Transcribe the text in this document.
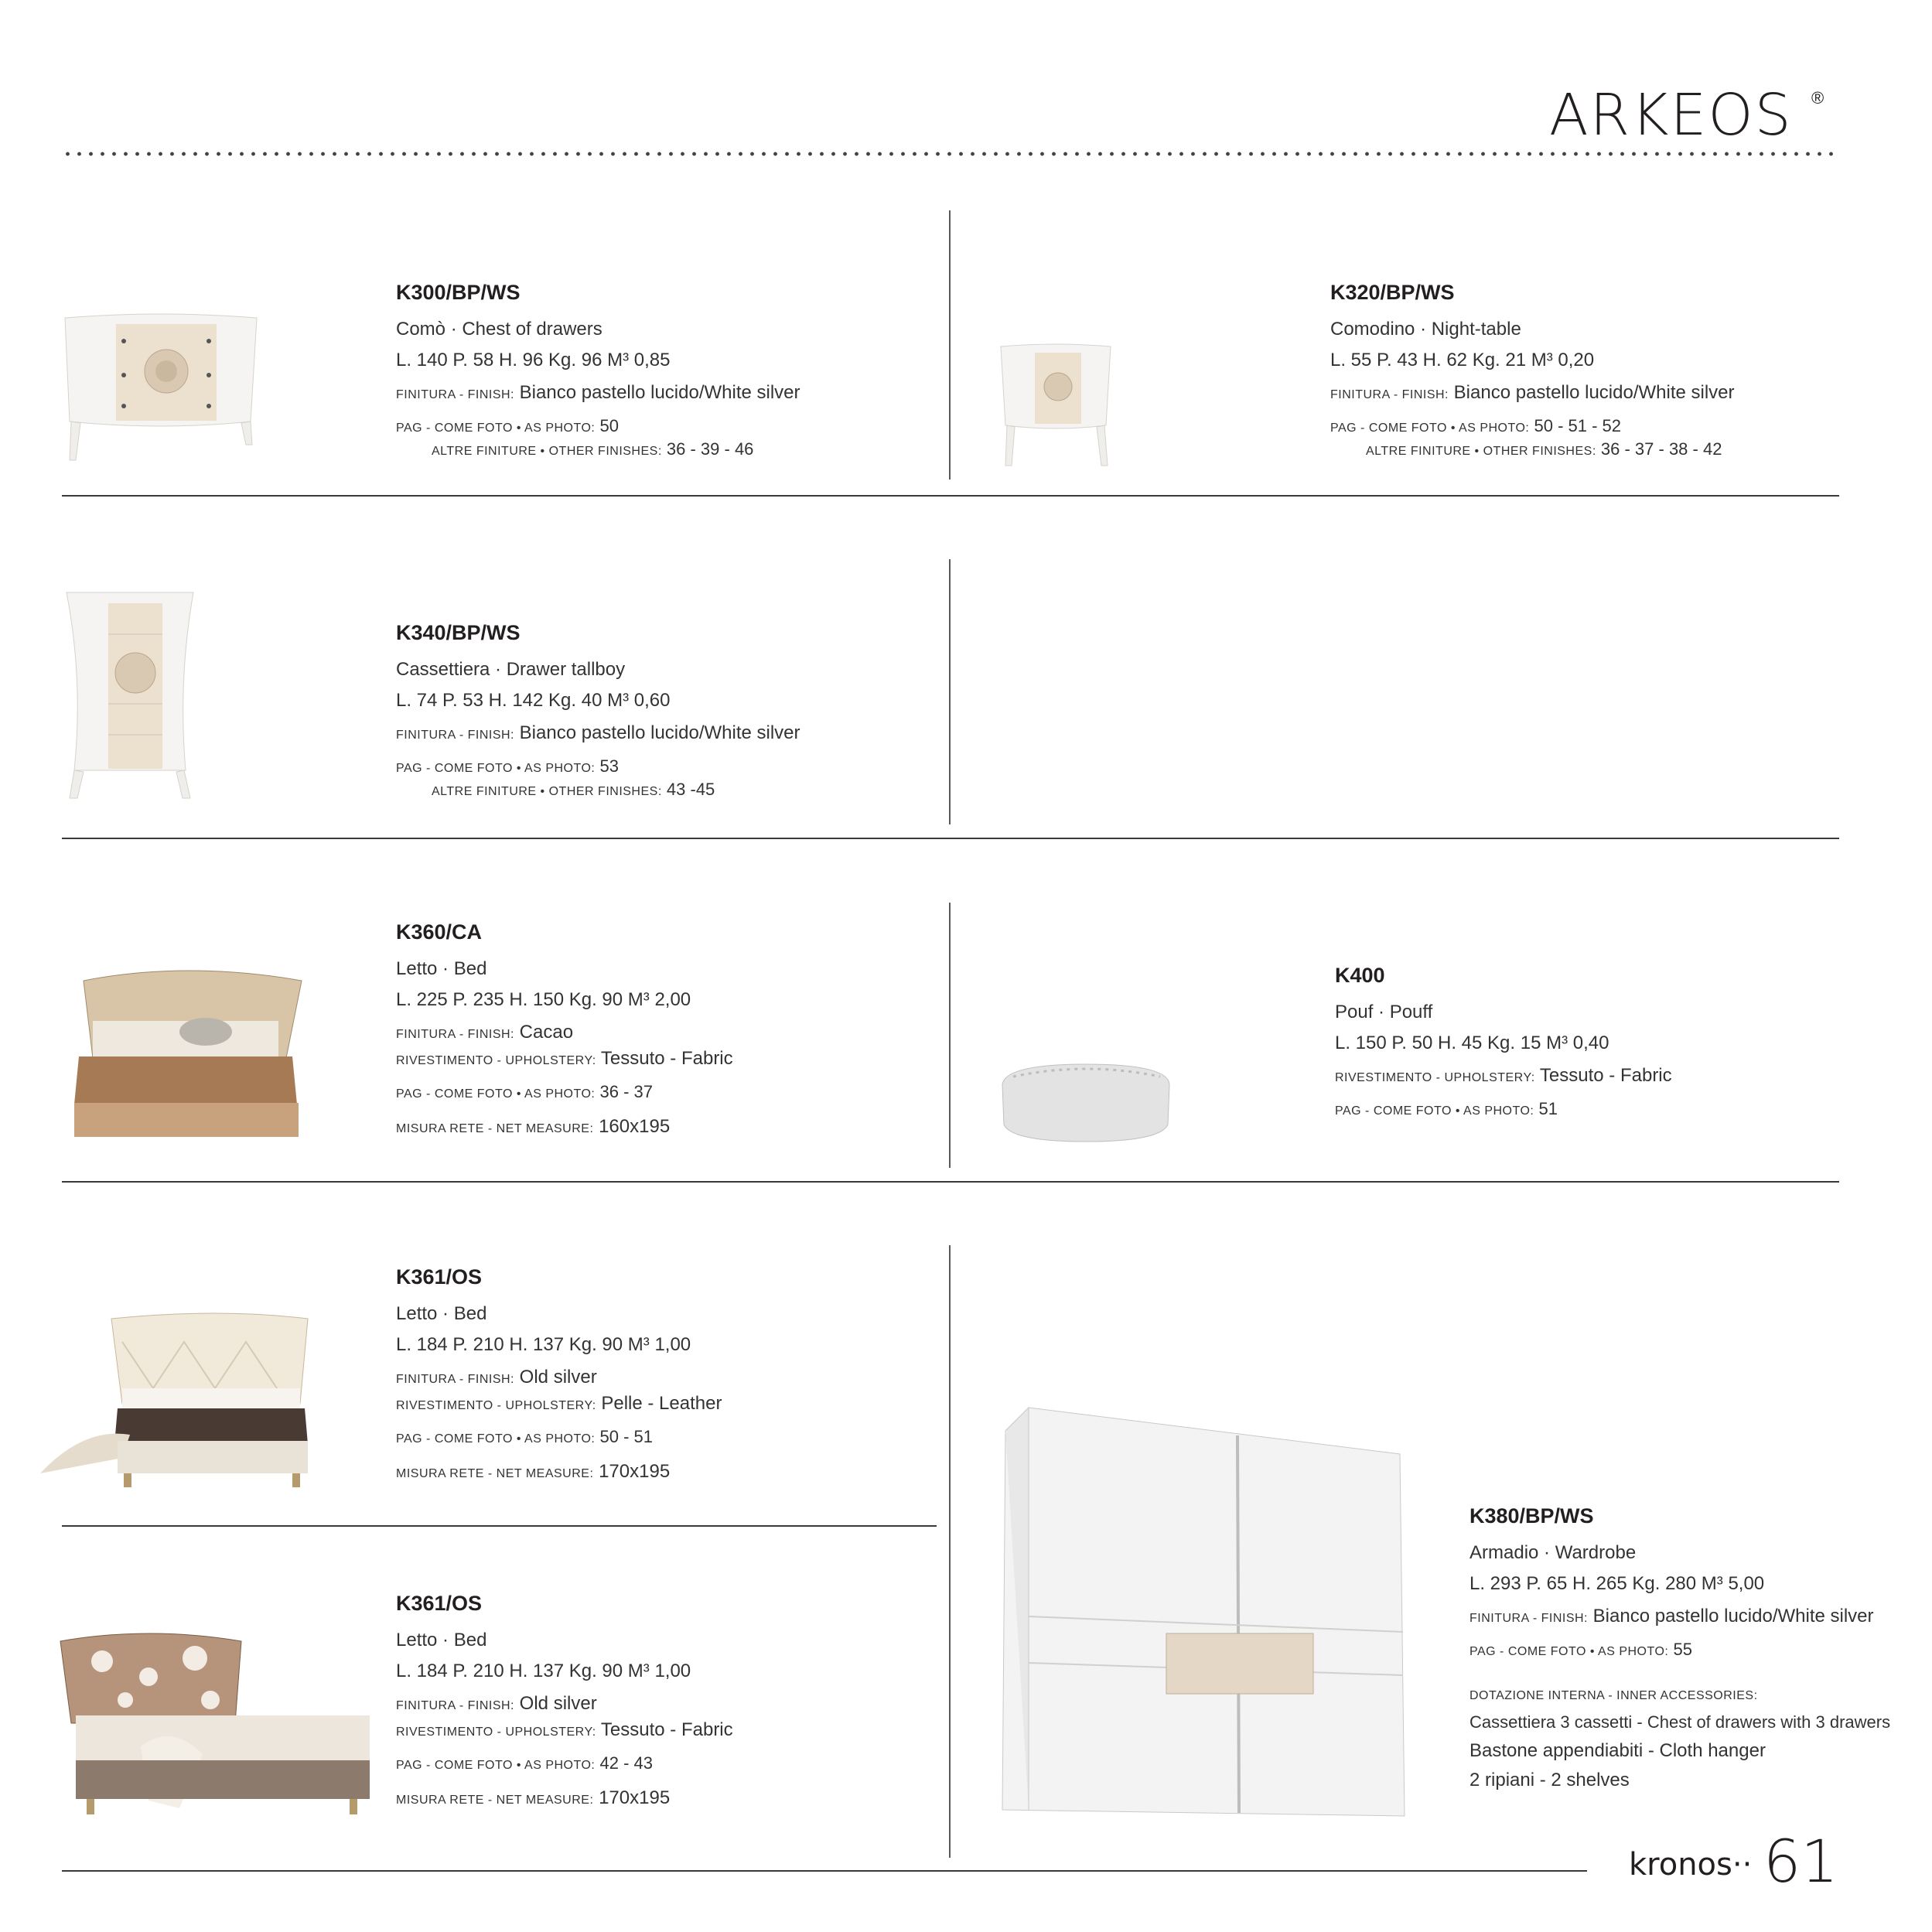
ARKEOS ®
K300/BP/WS
Comò · Chest of drawers
L. 140 P. 58 H. 96 Kg. 96 M³ 0,85
FINITURA - FINISH: Bianco pastello lucido/White silver
PAG - COME FOTO • AS PHOTO: 50
ALTRE FINITURE • OTHER FINISHES: 36 - 39 - 46
K320/BP/WS
Comodino · Night-table
L. 55 P. 43 H. 62 Kg. 21 M³ 0,20
FINITURA - FINISH: Bianco pastello lucido/White silver
PAG - COME FOTO • AS PHOTO: 50 - 51 - 52
ALTRE FINITURE • OTHER FINISHES: 36 - 37 - 38 - 42
K340/BP/WS
Cassettiera · Drawer tallboy
L. 74 P. 53 H. 142 Kg. 40 M³ 0,60
FINITURA - FINISH: Bianco pastello lucido/White silver
PAG - COME FOTO • AS PHOTO: 53
ALTRE FINITURE • OTHER FINISHES: 43 -45
K360/CA
Letto · Bed
L. 225 P. 235 H. 150 Kg. 90 M³ 2,00
FINITURA - FINISH: Cacao
RIVESTIMENTO - UPHOLSTERY: Tessuto - Fabric
PAG - COME FOTO • AS PHOTO: 36 - 37
MISURA RETE - NET MEASURE: 160x195
K400
Pouf · Pouff
L. 150 P. 50 H. 45 Kg. 15 M³ 0,40
RIVESTIMENTO - UPHOLSTERY: Tessuto - Fabric
PAG - COME FOTO • AS PHOTO: 51
K361/OS
Letto · Bed
L. 184 P. 210 H. 137 Kg. 90 M³ 1,00
FINITURA - FINISH: Old silver
RIVESTIMENTO - UPHOLSTERY: Pelle - Leather
PAG - COME FOTO • AS PHOTO: 50 - 51
MISURA RETE - NET MEASURE: 170x195
K361/OS
Letto · Bed
L. 184 P. 210 H. 137 Kg. 90 M³ 1,00
FINITURA - FINISH: Old silver
RIVESTIMENTO - UPHOLSTERY: Tessuto - Fabric
PAG - COME FOTO • AS PHOTO: 42 - 43
MISURA RETE - NET MEASURE: 170x195
K380/BP/WS
Armadio · Wardrobe
L. 293 P. 65 H. 265 Kg. 280 M³ 5,00
FINITURA - FINISH: Bianco pastello lucido/White silver
PAG - COME FOTO • AS PHOTO: 55
DOTAZIONE INTERNA - INNER ACCESSORIES:
Cassettiera 3 cassetti - Chest of drawers with 3 drawers
Bastone appendiabiti - Cloth hanger
2 ripiani - 2 shelves
kronos·· 61
